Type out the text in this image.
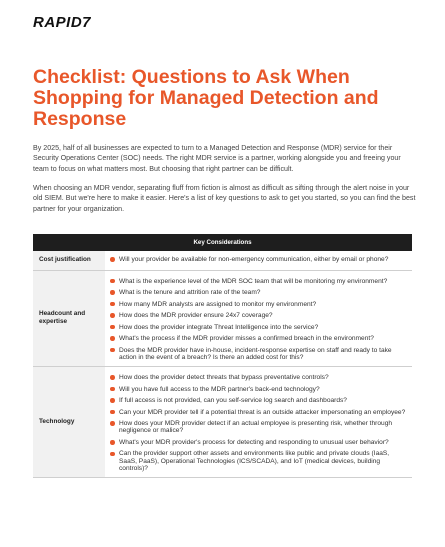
RAPID7
Checklist: Questions to Ask When Shopping for Managed Detection and Response
By 2025, half of all businesses are expected to turn to a Managed Detection and Response (MDR) service for their Security Operations Center (SOC) needs. The right MDR service is a partner, working alongside you and freeing your team to focus on what matters most. But choosing that right partner can be difficult.
When choosing an MDR vendor, separating fluff from fiction is almost as difficult as sifting through the alert noise in your old SIEM. But we're here to make it easier. Here's a list of key questions to ask to get you started, so you can find the best partner for your organization.
Key Considerations
Cost justification	Will your provider be available for non-emergency communication, either by email or phone?
Headcount and expertise
What is the experience level of the MDR SOC team that will be monitoring my environment?
What is the tenure and attrition rate of the team?
How many MDR analysts are assigned to monitor my environment?
How does the MDR provider ensure 24x7 coverage?
How does the provider integrate Threat Intelligence into the service?
What's the process if the MDR provider misses a confirmed breach in the environment?
Does the MDR provider have in-house, incident-response expertise on staff and ready to take action in the event of a breach? Is there an added cost for this?
Technology
How does the provider detect threats that bypass preventative controls?
Will you have full access to the MDR partner's back-end technology?
If full access is not provided, can you self-service log search and dashboards?
Can your MDR provider tell if a potential threat is an outside attacker impersonating an employee?
How does your MDR provider detect if an actual employee is presenting risk, whether through negligence or malice?
What's your MDR provider's process for detecting and responding to unusual user behavior?
Can the provider support other assets and environments like public and private clouds (IaaS, SaaS, PaaS), Operational Technologies (ICS/SCADA), and IoT (medical devices, building controls)?
